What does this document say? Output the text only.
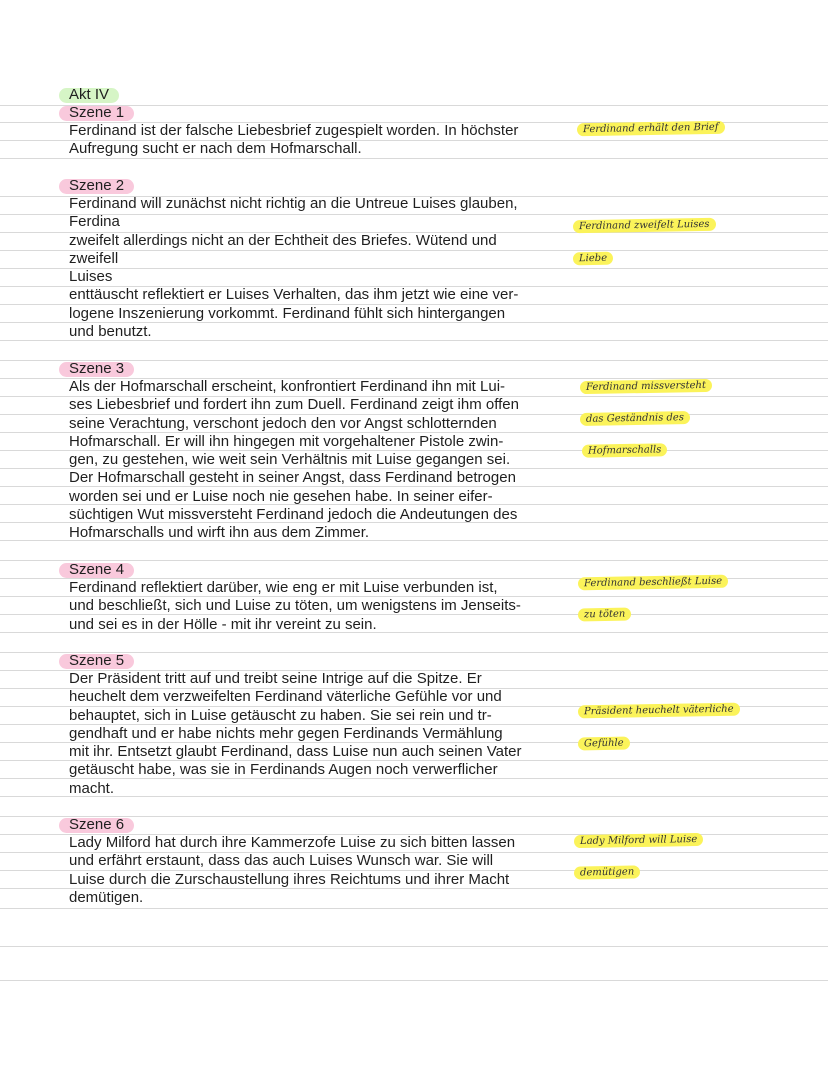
Akt IV
Szene 1
Ferdinand ist der falsche Liebesbrief zugespielt worden. In höchster
Aufregung sucht er nach dem Hofmarschall.
Szene 2
Ferdinand will zunächst nicht richtig an die Untreue Luises glauben,
Ferdina
zweifelt allerdings nicht an der Echtheit des Briefes. Wütend und
zweifell
Luises
enttäuscht reflektiert er Luises Verhalten, das ihm jetzt wie eine ver-
logene Inszenierung vorkommt. Ferdinand fühlt sich hintergangen
und benutzt.
Szene 3
Als der Hofmarschall erscheint, konfrontiert Ferdinand ihn mit Lui-
ses Liebesbrief und fordert ihn zum Duell. Ferdinand zeigt ihm offen
seine Verachtung, verschont jedoch den vor Angst schlotternden
Hofmarschall. Er will ihn hingegen mit vorgehaltener Pistole zwin-
gen, zu gestehen, wie weit sein Verhältnis mit Luise gegangen sei.
Der Hofmarschall gesteht in seiner Angst, dass Ferdinand betrogen
worden sei und er Luise noch nie gesehen habe. In seiner eifer-
süchtigen Wut missversteht Ferdinand jedoch die Andeutungen des
Hofmarschalls und wirft ihn aus dem Zimmer.
Szene 4
Ferdinand reflektiert darüber, wie eng er mit Luise verbunden ist,
und beschließt, sich und Luise zu töten, um wenigstens im Jenseits-
und sei es in der Hölle - mit ihr vereint zu sein.
Szene 5
Der Präsident tritt auf und treibt seine Intrige auf die Spitze. Er
heuchelt dem verzweifelten Ferdinand väterliche Gefühle vor und
behauptet, sich in Luise getäuscht zu haben. Sie sei rein und tr-
gendhaft und er habe nichts mehr gegen Ferdinands Vermählung
mit ihr. Entsetzt glaubt Ferdinand, dass Luise nun auch seinen Vater
getäuscht habe, was sie in Ferdinands Augen noch verwerflicher
macht.
Szene 6
Lady Milford hat durch ihre Kammerzofe Luise zu sich bitten lassen
und erfährt erstaunt, dass das auch Luises Wunsch war. Sie will
Luise durch die Zurschaustellung ihres Reichtums und ihrer Macht
demütigen.
Ferdinand erhält den Brief
Ferdinand zweifelt Luises
Liebe
Ferdinand missversteht
das Geständnis des
Hofmarschalls
Ferdinand beschließt Luise
zu töten
Präsident heuchelt väterliche
Gefühle
Lady Milford will Luise
demütigen
